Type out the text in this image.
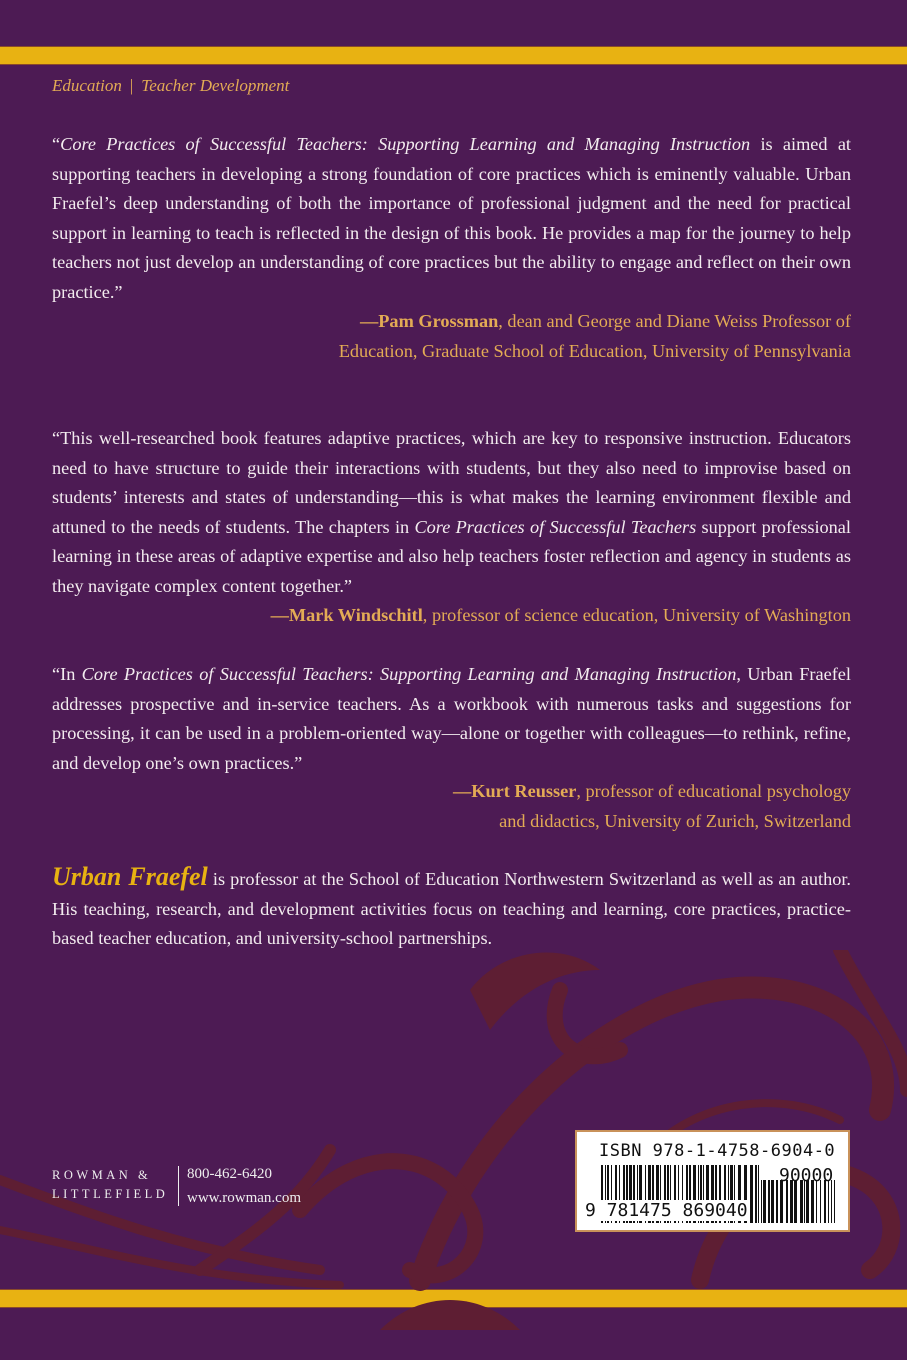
Education | Teacher Development
“Core Practices of Successful Teachers: Supporting Learning and Managing Instruction is aimed at supporting teachers in developing a strong foundation of core practices which is eminently valuable. Urban Fraefel’s deep understanding of both the importance of professional judgment and the need for practical support in learning to teach is reflected in the design of this book. He provides a map for the journey to help teachers not just develop an understanding of core practices but the ability to engage and reflect on their own practice.”
—Pam Grossman, dean and George and Diane Weiss Professor of
Education, Graduate School of Education, University of Pennsylvania
“This well-researched book features adaptive practices, which are key to responsive instruction. Educators need to have structure to guide their interactions with students, but they also need to improvise based on students’ interests and states of understanding—this is what makes the learning environment flexible and attuned to the needs of students. The chapters in Core Practices of Successful Teachers support professional learning in these areas of adaptive expertise and also help teachers foster reflection and agency in students as they navigate complex content together.”
—Mark Windschitl, professor of science education, University of Washington
“In Core Practices of Successful Teachers: Supporting Learning and Managing Instruction, Urban Fraefel addresses prospective and in-service teachers. As a workbook with numerous tasks and suggestions for processing, it can be used in a problem-oriented way—alone or together with colleagues—to rethink, refine, and develop one’s own practices.”
—Kurt Reusser, professor of educational psychology
and didactics, University of Zurich, Switzerland
Urban Fraefel is professor at the School of Education Northwestern Switzerland as well as an author. His teaching, research, and development activities focus on teaching and learning, core practices, practice-based teacher education, and university-school partnerships.
ROWMAN &
LITTLEFIELD
800-462-6420
www.rowman.com
ISBN 978-1-4758-6904-0
9 781475 869040
90000
